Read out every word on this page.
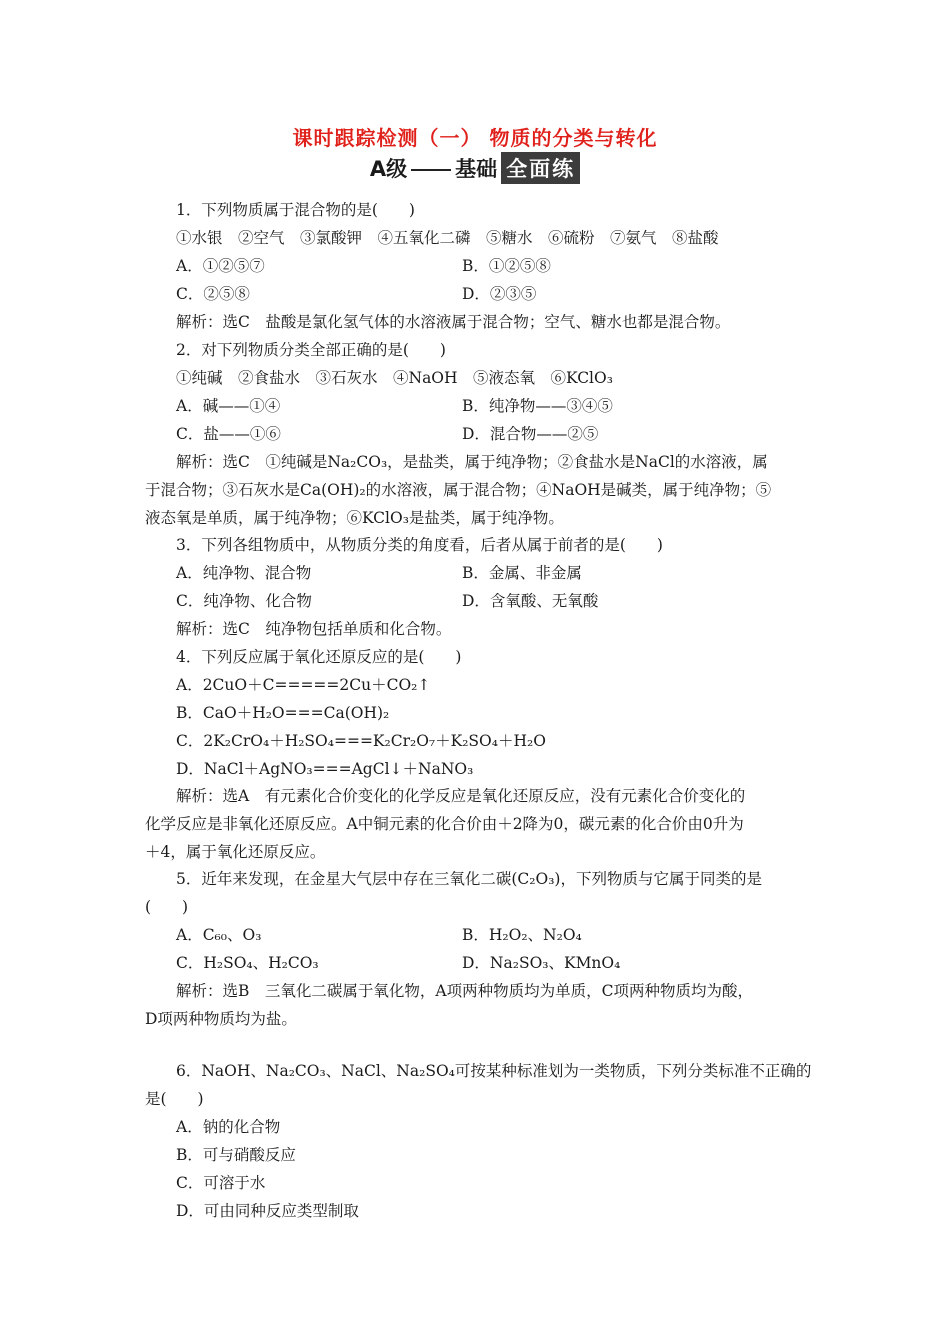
课时跟踪检测（一） 物质的分类与转化
A级 基础 全面练
1．下列物质属于混合物的是(　　)
①水银　②空气　③氯酸钾　④五氧化二磷　⑤糖水　⑥硫粉　⑦氨气　⑧盐酸
A．①②⑤⑦	B．①②⑤⑧
C．②⑤⑧	D．②③⑤
解析：选C　盐酸是氯化氢气体的水溶液属于混合物；空气、糖水也都是混合物。
2．对下列物质分类全部正确的是(　　)
①纯碱　②食盐水　③石灰水　④NaOH　⑤液态氧　⑥KClO₃
A．碱——①④	B．纯净物——③④⑤
C．盐——①⑥	D．混合物——②⑤
解析：选C　①纯碱是Na₂CO₃，是盐类，属于纯净物；②食盐水是NaCl的水溶液，属
于混合物；③石灰水是Ca(OH)₂的水溶液，属于混合物；④NaOH是碱类，属于纯净物；⑤
液态氧是单质，属于纯净物；⑥KClO₃是盐类，属于纯净物。
3．下列各组物质中，从物质分类的角度看，后者从属于前者的是(　　)
A．纯净物、混合物	B．金属、非金属
C．纯净物、化合物	D．含氧酸、无氧酸
解析：选C　纯净物包括单质和化合物。
4．下列反应属于氧化还原反应的是(　　)
A．2CuO＋C=====2Cu＋CO₂↑
B．CaO＋H₂O===Ca(OH)₂
C．2K₂CrO₄＋H₂SO₄===K₂Cr₂O₇＋K₂SO₄＋H₂O
D．NaCl＋AgNO₃===AgCl↓＋NaNO₃
解析：选A　有元素化合价变化的化学反应是氧化还原反应，没有元素化合价变化的
化学反应是非氧化还原反应。A中铜元素的化合价由＋2降为0，碳元素的化合价由0升为
＋4，属于氧化还原反应。
5．近年来发现，在金星大气层中存在三氧化二碳(C₂O₃)，下列物质与它属于同类的是
(　　)
A．C₆₀、O₃	B．H₂O₂、N₂O₄
C．H₂SO₄、H₂CO₃	D．Na₂SO₃、KMnO₄
解析：选B　三氧化二碳属于氧化物，A项两种物质均为单质，C项两种物质均为酸，
D项两种物质均为盐。
6．NaOH、Na₂CO₃、NaCl、Na₂SO₄可按某种标准划为一类物质，下列分类标准不正确的
是(　　)
A．钠的化合物
B．可与硝酸反应
C．可溶于水
D．可由同种反应类型制取
